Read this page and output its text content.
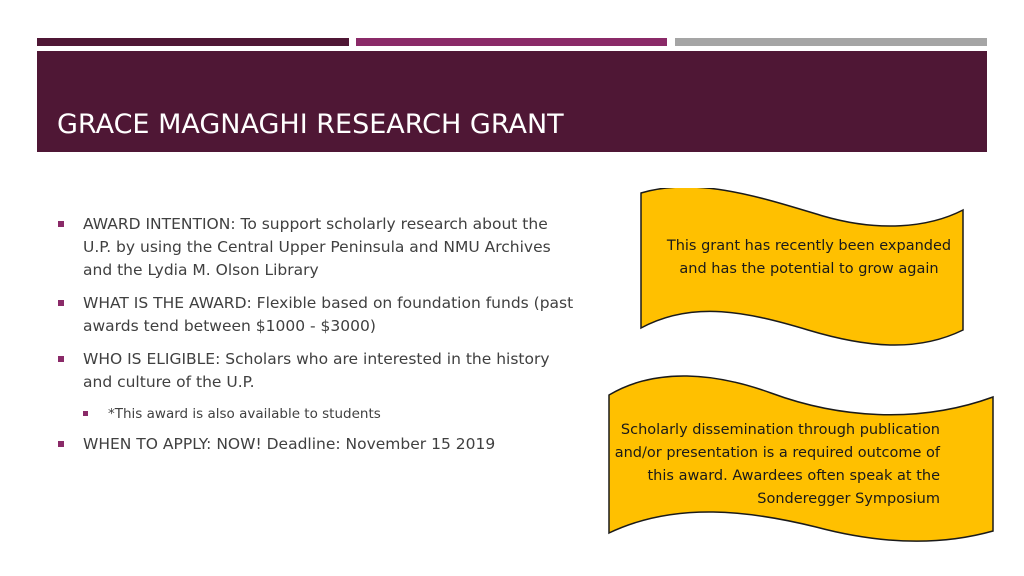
GRACE MAGNAGHI RESEARCH GRANT
AWARD INTENTION: To support scholarly research about the U.P. by using the Central Upper Peninsula and NMU Archives and the Lydia M. Olson Library
WHAT IS THE AWARD: Flexible based on foundation funds (past awards tend between $1000 - $3000)
WHO IS ELIGIBLE: Scholars who are interested in the history and culture of the U.P.
*This award is also available to students
WHEN TO APPLY: NOW! Deadline: November 15 2019
This grant has recently been expanded and has the potential to grow again
Scholarly dissemination through publication and/or presentation is a required outcome of this award. Awardees often speak at the Sonderegger Symposium
